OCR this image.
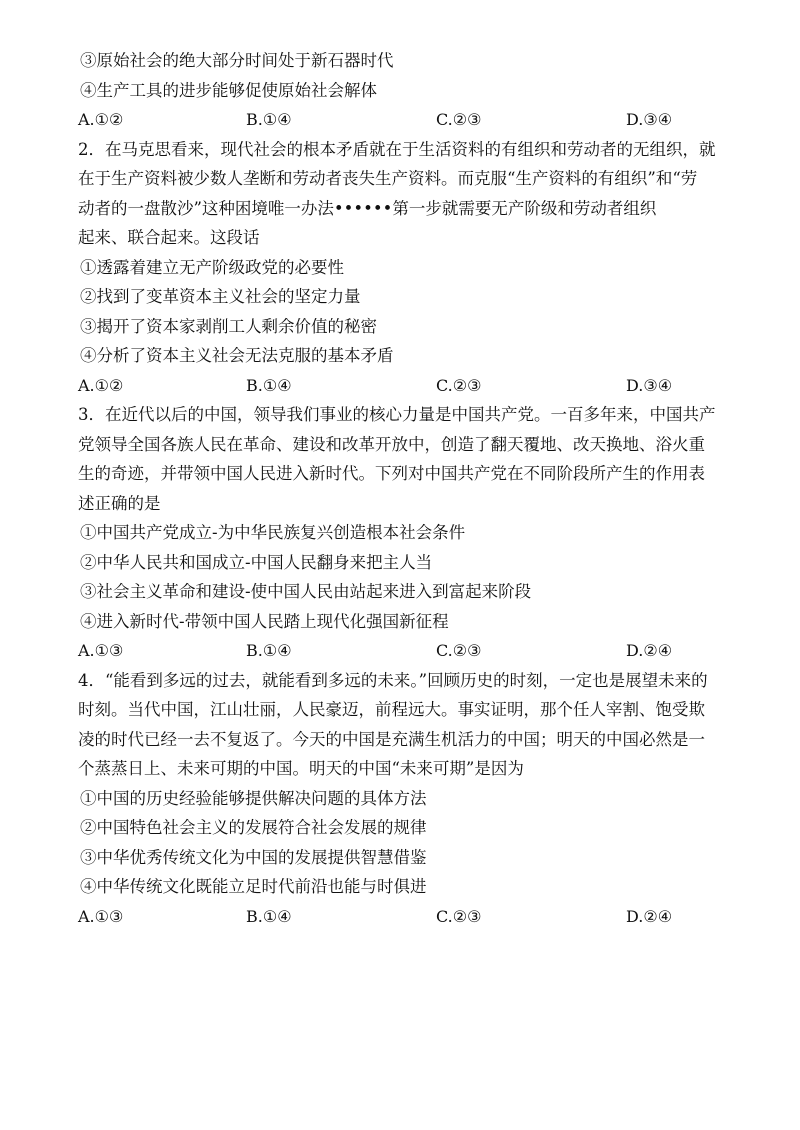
③原始社会的绝大部分时间处于新石器时代
④生产工具的进步能够促使原始社会解体
A.①②	B.①④	C.②③	D.③④
2．在马克思看来，现代社会的根本矛盾就在于生活资料的有组织和劳动者的无组织，就
在于生产资料被少数人垄断和劳动者丧失生产资料。而克服“生产资料的有组织”和“劳
动者的一盘散沙”这种困境唯一办法••••••第一步就需要无产阶级和劳动者组织
起来、联合起来。这段话
①透露着建立无产阶级政党的必要性
②找到了变革资本主义社会的坚定力量
③揭开了资本家剥削工人剩余价值的秘密
④分析了资本主义社会无法克服的基本矛盾
A.①②	B.①④	C.②③	D.③④
3．在近代以后的中国，领导我们事业的核心力量是中国共产党。一百多年来，中国共产
党领导全国各族人民在革命、建设和改革开放中，创造了翻天覆地、改天换地、浴火重
生的奇迹，并带领中国人民进入新时代。下列对中国共产党在不同阶段所产生的作用表
述正确的是
①中国共产党成立-为中华民族复兴创造根本社会条件
②中华人民共和国成立-中国人民翻身来把主人当
③社会主义革命和建设-使中国人民由站起来进入到富起来阶段
④进入新时代-带领中国人民踏上现代化强国新征程
A.①③	B.①④	C.②③	D.②④
4．“能看到多远的过去，就能看到多远的未来。”回顾历史的时刻，一定也是展望未来的
时刻。当代中国，江山壮丽，人民豪迈，前程远大。事实证明，那个任人宰割、饱受欺
凌的时代已经一去不复返了。今天的中国是充满生机活力的中国；明天的中国必然是一
个蒸蒸日上、未来可期的中国。明天的中国“未来可期”是因为
①中国的历史经验能够提供解决问题的具体方法
②中国特色社会主义的发展符合社会发展的规律
③中华优秀传统文化为中国的发展提供智慧借鉴
④中华传统文化既能立足时代前沿也能与时俱进
A.①③	B.①④	C.②③	D.②④
